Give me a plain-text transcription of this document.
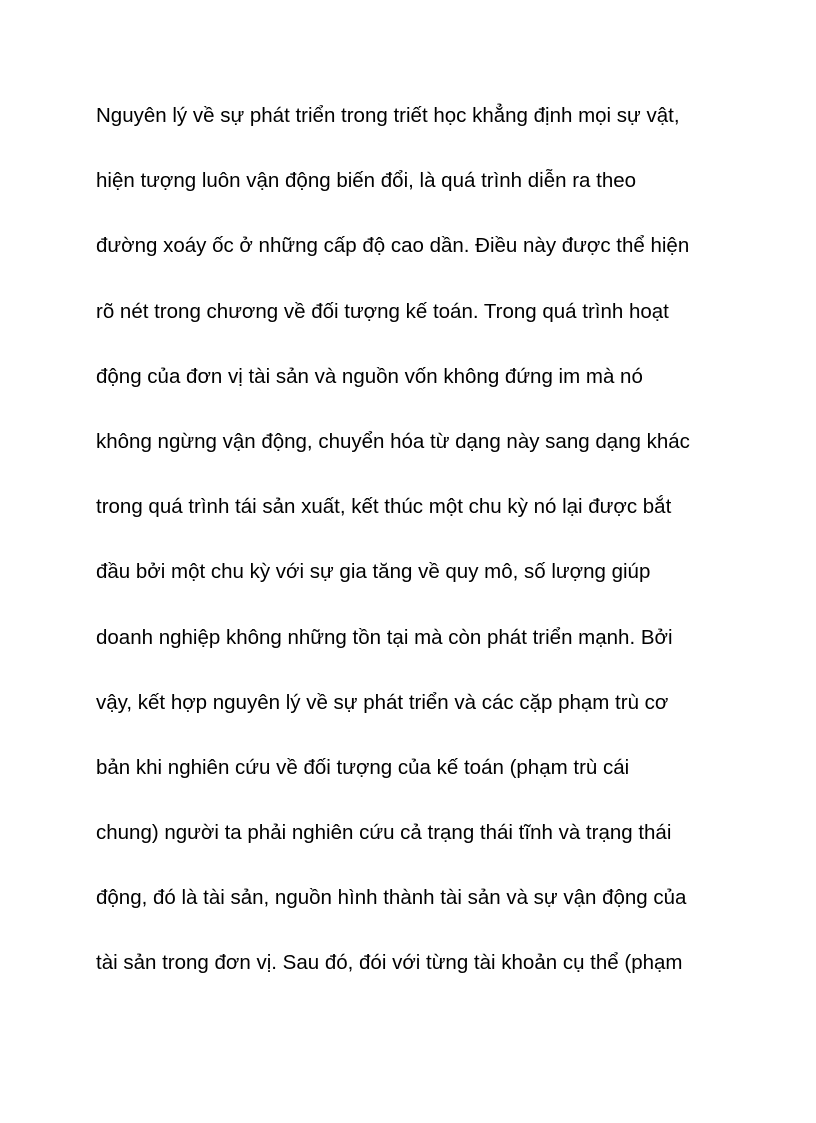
Nguyên lý về sự phát triển trong triết học khẳng định mọi sự vật,
hiện tượng luôn vận động biến đổi, là quá trình diễn ra theo
đường xoáy ốc ở những cấp độ cao dần. Điều này được thể hiện
rõ nét trong chương về đối tượng kế toán. Trong quá trình hoạt
động của đơn vị tài sản và nguồn vốn không đứng im mà nó
không ngừng vận động, chuyển hóa từ dạng này sang dạng khác
trong quá trình tái sản xuất, kết thúc một chu kỳ nó lại được bắt
đầu bởi một chu kỳ với sự gia tăng về quy mô, số lượng giúp
doanh nghiệp không những tồn tại mà còn phát triển mạnh. Bởi
vậy, kết hợp nguyên lý về sự phát triển và các cặp phạm trù cơ
bản khi nghiên cứu về đối tượng của kế toán (phạm trù cái
chung) người ta phải nghiên cứu cả trạng thái tĩnh và trạng thái
động, đó là tài sản, nguồn hình thành tài sản và sự vận động của
tài sản trong đơn vị. Sau đó, đói với từng tài khoản cụ thể (phạm
